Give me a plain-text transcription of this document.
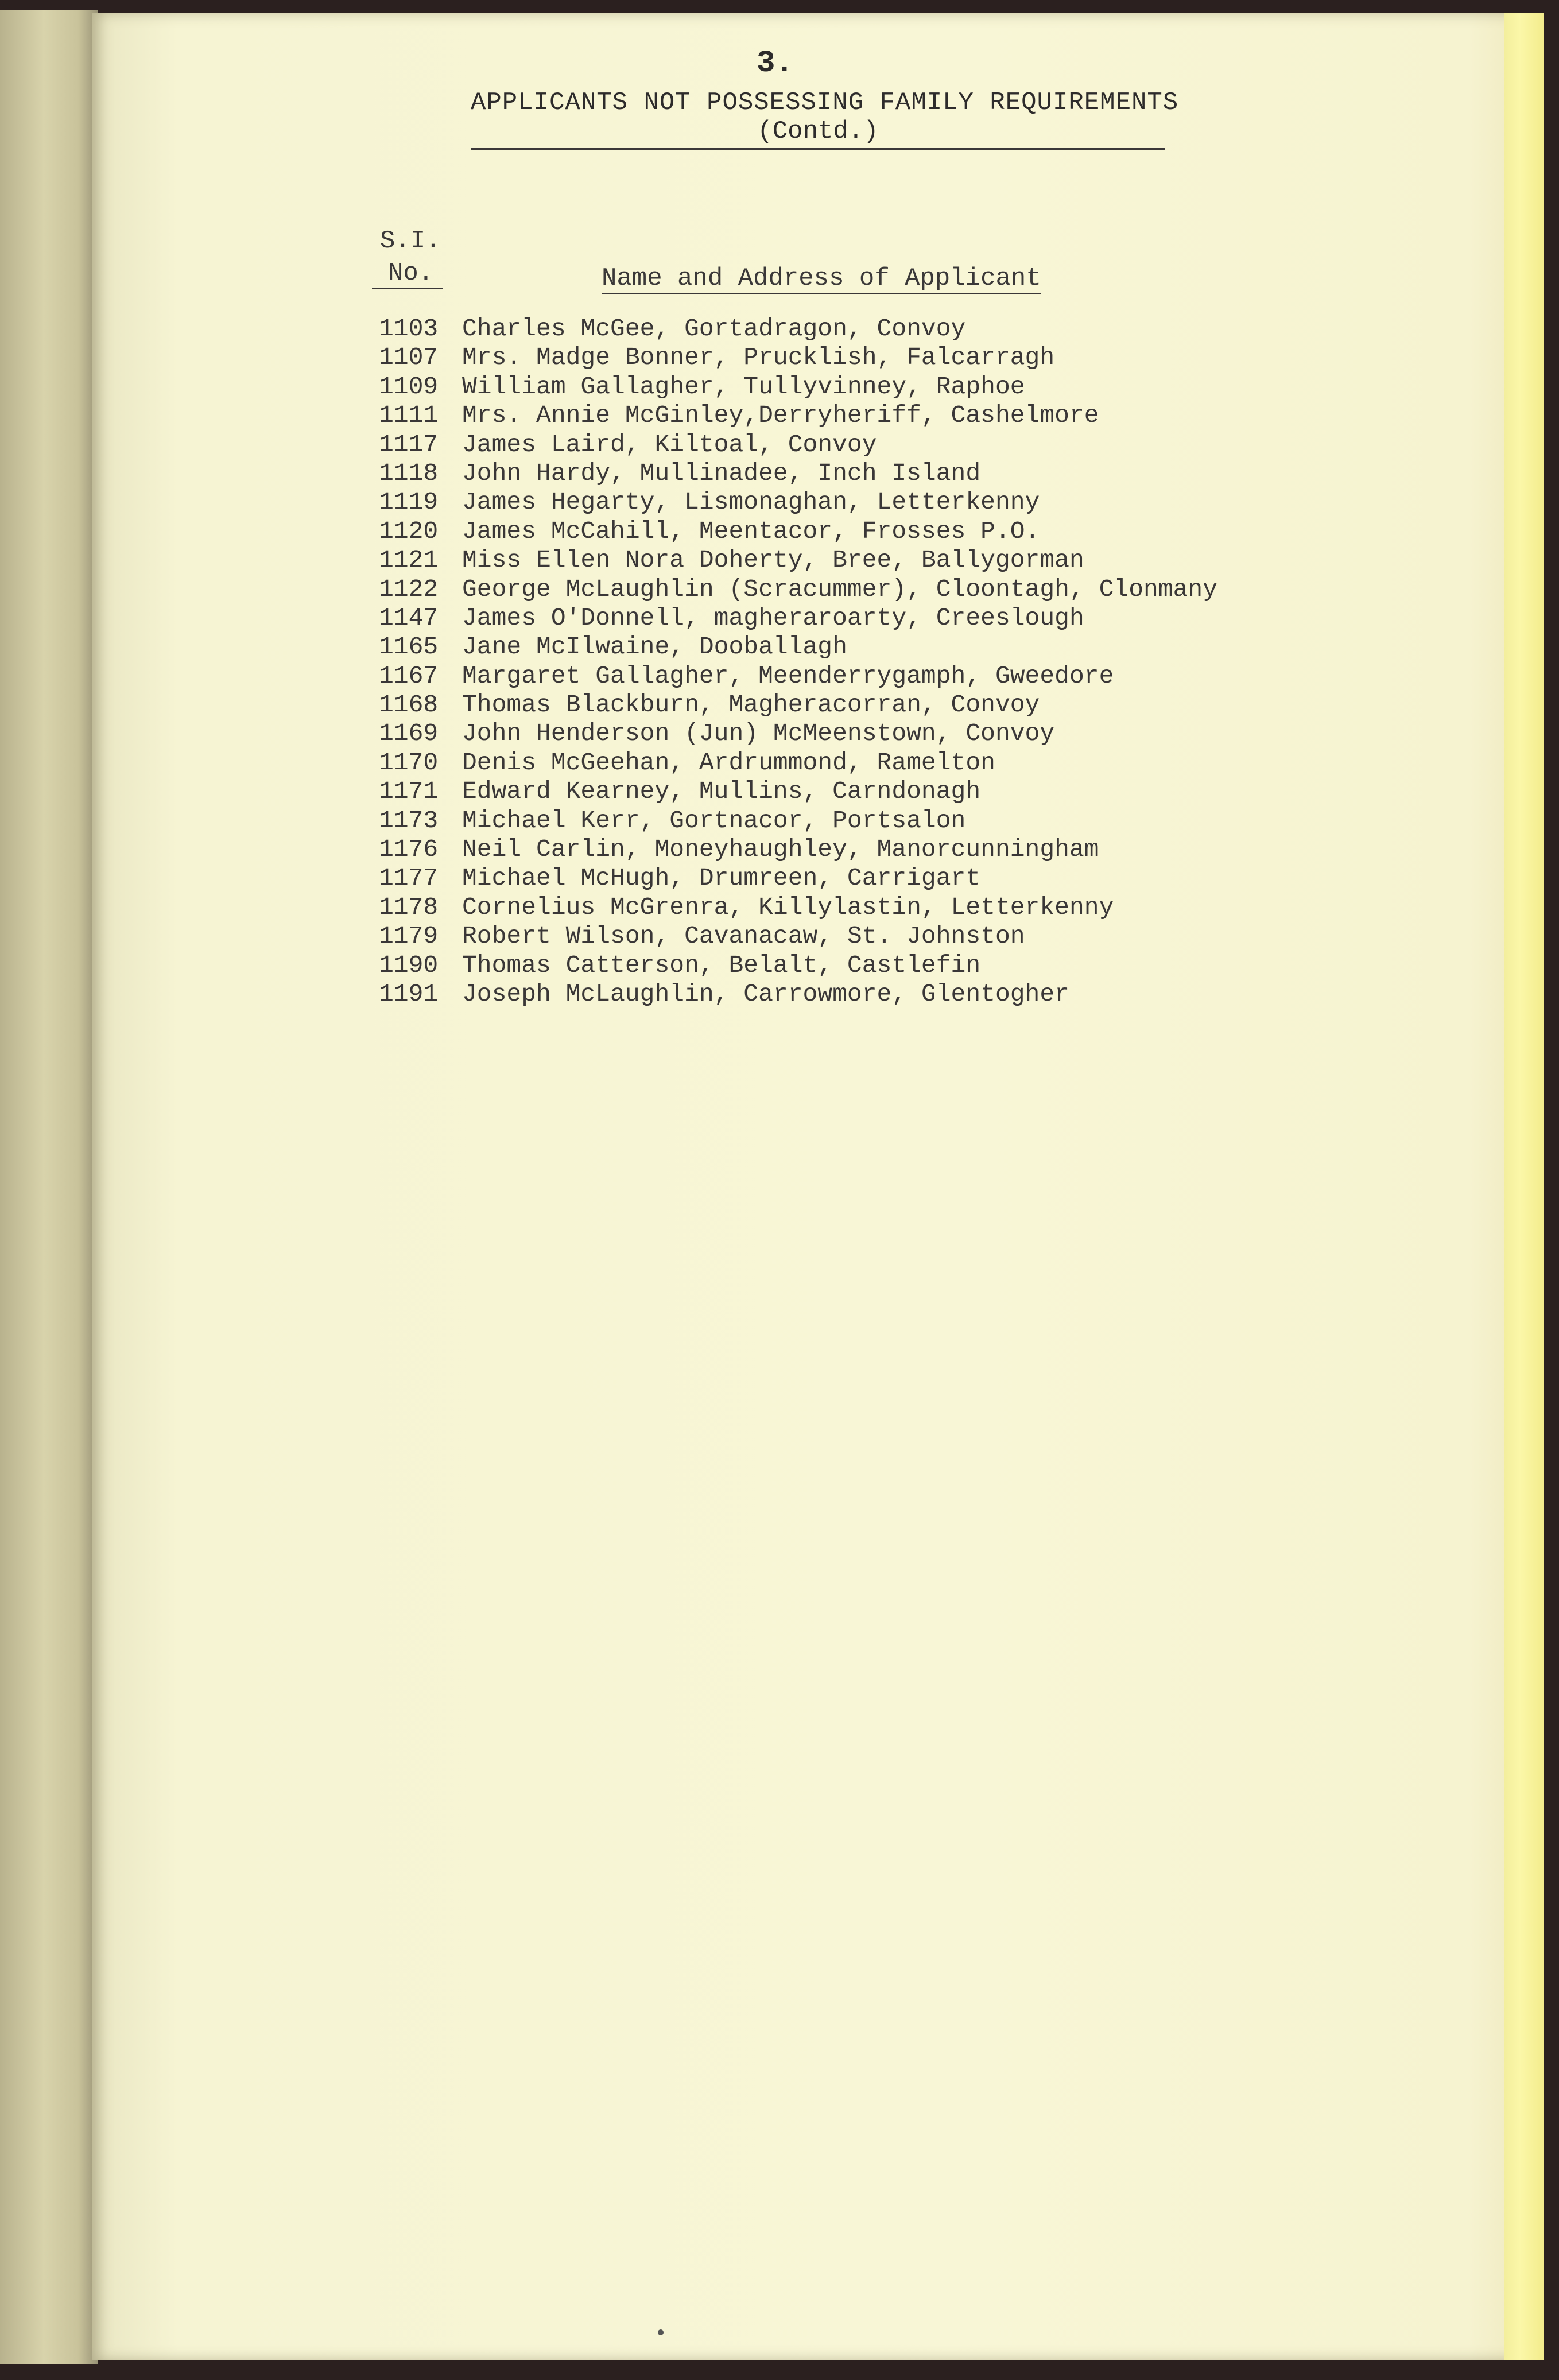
3.
APPLICANTS NOT POSSESSING FAMILY REQUIREMENTS
(Contd.)
S.I.
No.	Name and Address of Applicant
1103 Charles McGee, Gortadragon, Convoy
1107 Mrs. Madge Bonner, Prucklish, Falcarragh
1109 William Gallagher, Tullyvinney, Raphoe
1111 Mrs. Annie McGinley,Derryheriff, Cashelmore
1117 James Laird, Kiltoal, Convoy
1118 John Hardy, Mullinadee, Inch Island
1119 James Hegarty, Lismonaghan, Letterkenny
1120 James McCahill, Meentacor, Frosses P.O.
1121 Miss Ellen Nora Doherty, Bree, Ballygorman
1122 George McLaughlin (Scracummer), Cloontagh, Clonmany
1147 James O'Donnell, magheraroarty, Creeslough
1165 Jane McIlwaine, Dooballagh
1167 Margaret Gallagher, Meenderrygamph, Gweedore
1168 Thomas Blackburn, Magheracorran, Convoy
1169 John Henderson (Jun) McMeenstown, Convoy
1170 Denis McGeehan, Ardrummond, Ramelton
1171 Edward Kearney, Mullins, Carndonagh
1173 Michael Kerr, Gortnacor, Portsalon
1176 Neil Carlin, Moneyhaughley, Manorcunningham
1177 Michael McHugh, Drumreen, Carrigart
1178 Cornelius McGrenra, Killylastin, Letterkenny
1179 Robert Wilson, Cavanacaw, St. Johnston
1190 Thomas Catterson, Belalt, Castlefin
1191 Joseph McLaughlin, Carrowmore, Glentogher
